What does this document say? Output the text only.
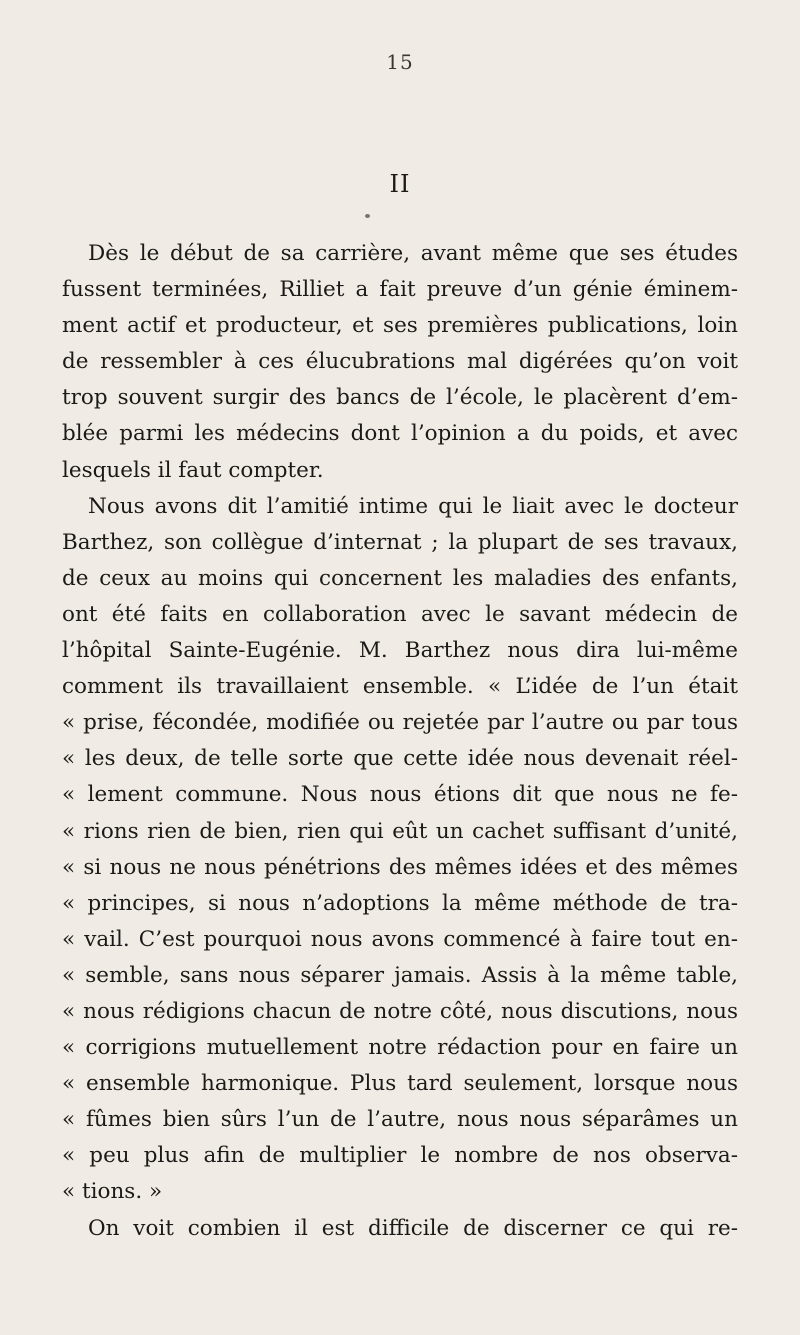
15
II
Dès le début de sa carrière, avant même que ses études
fussent terminées, Rilliet a fait preuve d’un génie éminem-
ment actif et producteur, et ses premières publications, loin
de ressembler à ces élucubrations mal digérées qu’on voit
trop souvent surgir des bancs de l’école, le placèrent d’em-
blée parmi les médecins dont l’opinion a du poids, et avec
lesquels il faut compter.
Nous avons dit l’amitié intime qui le liait avec le docteur
Barthez, son collègue d’internat ; la plupart de ses travaux,
de ceux au moins qui concernent les maladies des enfants,
ont été faits en collaboration avec le savant médecin de
l’hôpital Sainte-Eugénie. M. Barthez nous dira lui-même
comment ils travaillaient ensemble. « L’idée de l’un était
« prise, fécondée, modifiée ou rejetée par l’autre ou par tous
« les deux, de telle sorte que cette idée nous devenait réel-
« lement commune. Nous nous étions dit que nous ne fe-
« rions rien de bien, rien qui eût un cachet suffisant d’unité,
« si nous ne nous pénétrions des mêmes idées et des mêmes
« principes, si nous n’adoptions la même méthode de tra-
« vail. C’est pourquoi nous avons commencé à faire tout en-
« semble, sans nous séparer jamais. Assis à la même table,
« nous rédigions chacun de notre côté, nous discutions, nous
« corrigions mutuellement notre rédaction pour en faire un
« ensemble harmonique. Plus tard seulement, lorsque nous
« fûmes bien sûrs l’un de l’autre, nous nous séparâmes un
« peu plus afin de multiplier le nombre de nos observa-
« tions. »
On voit combien il est difficile de discerner ce qui re-
